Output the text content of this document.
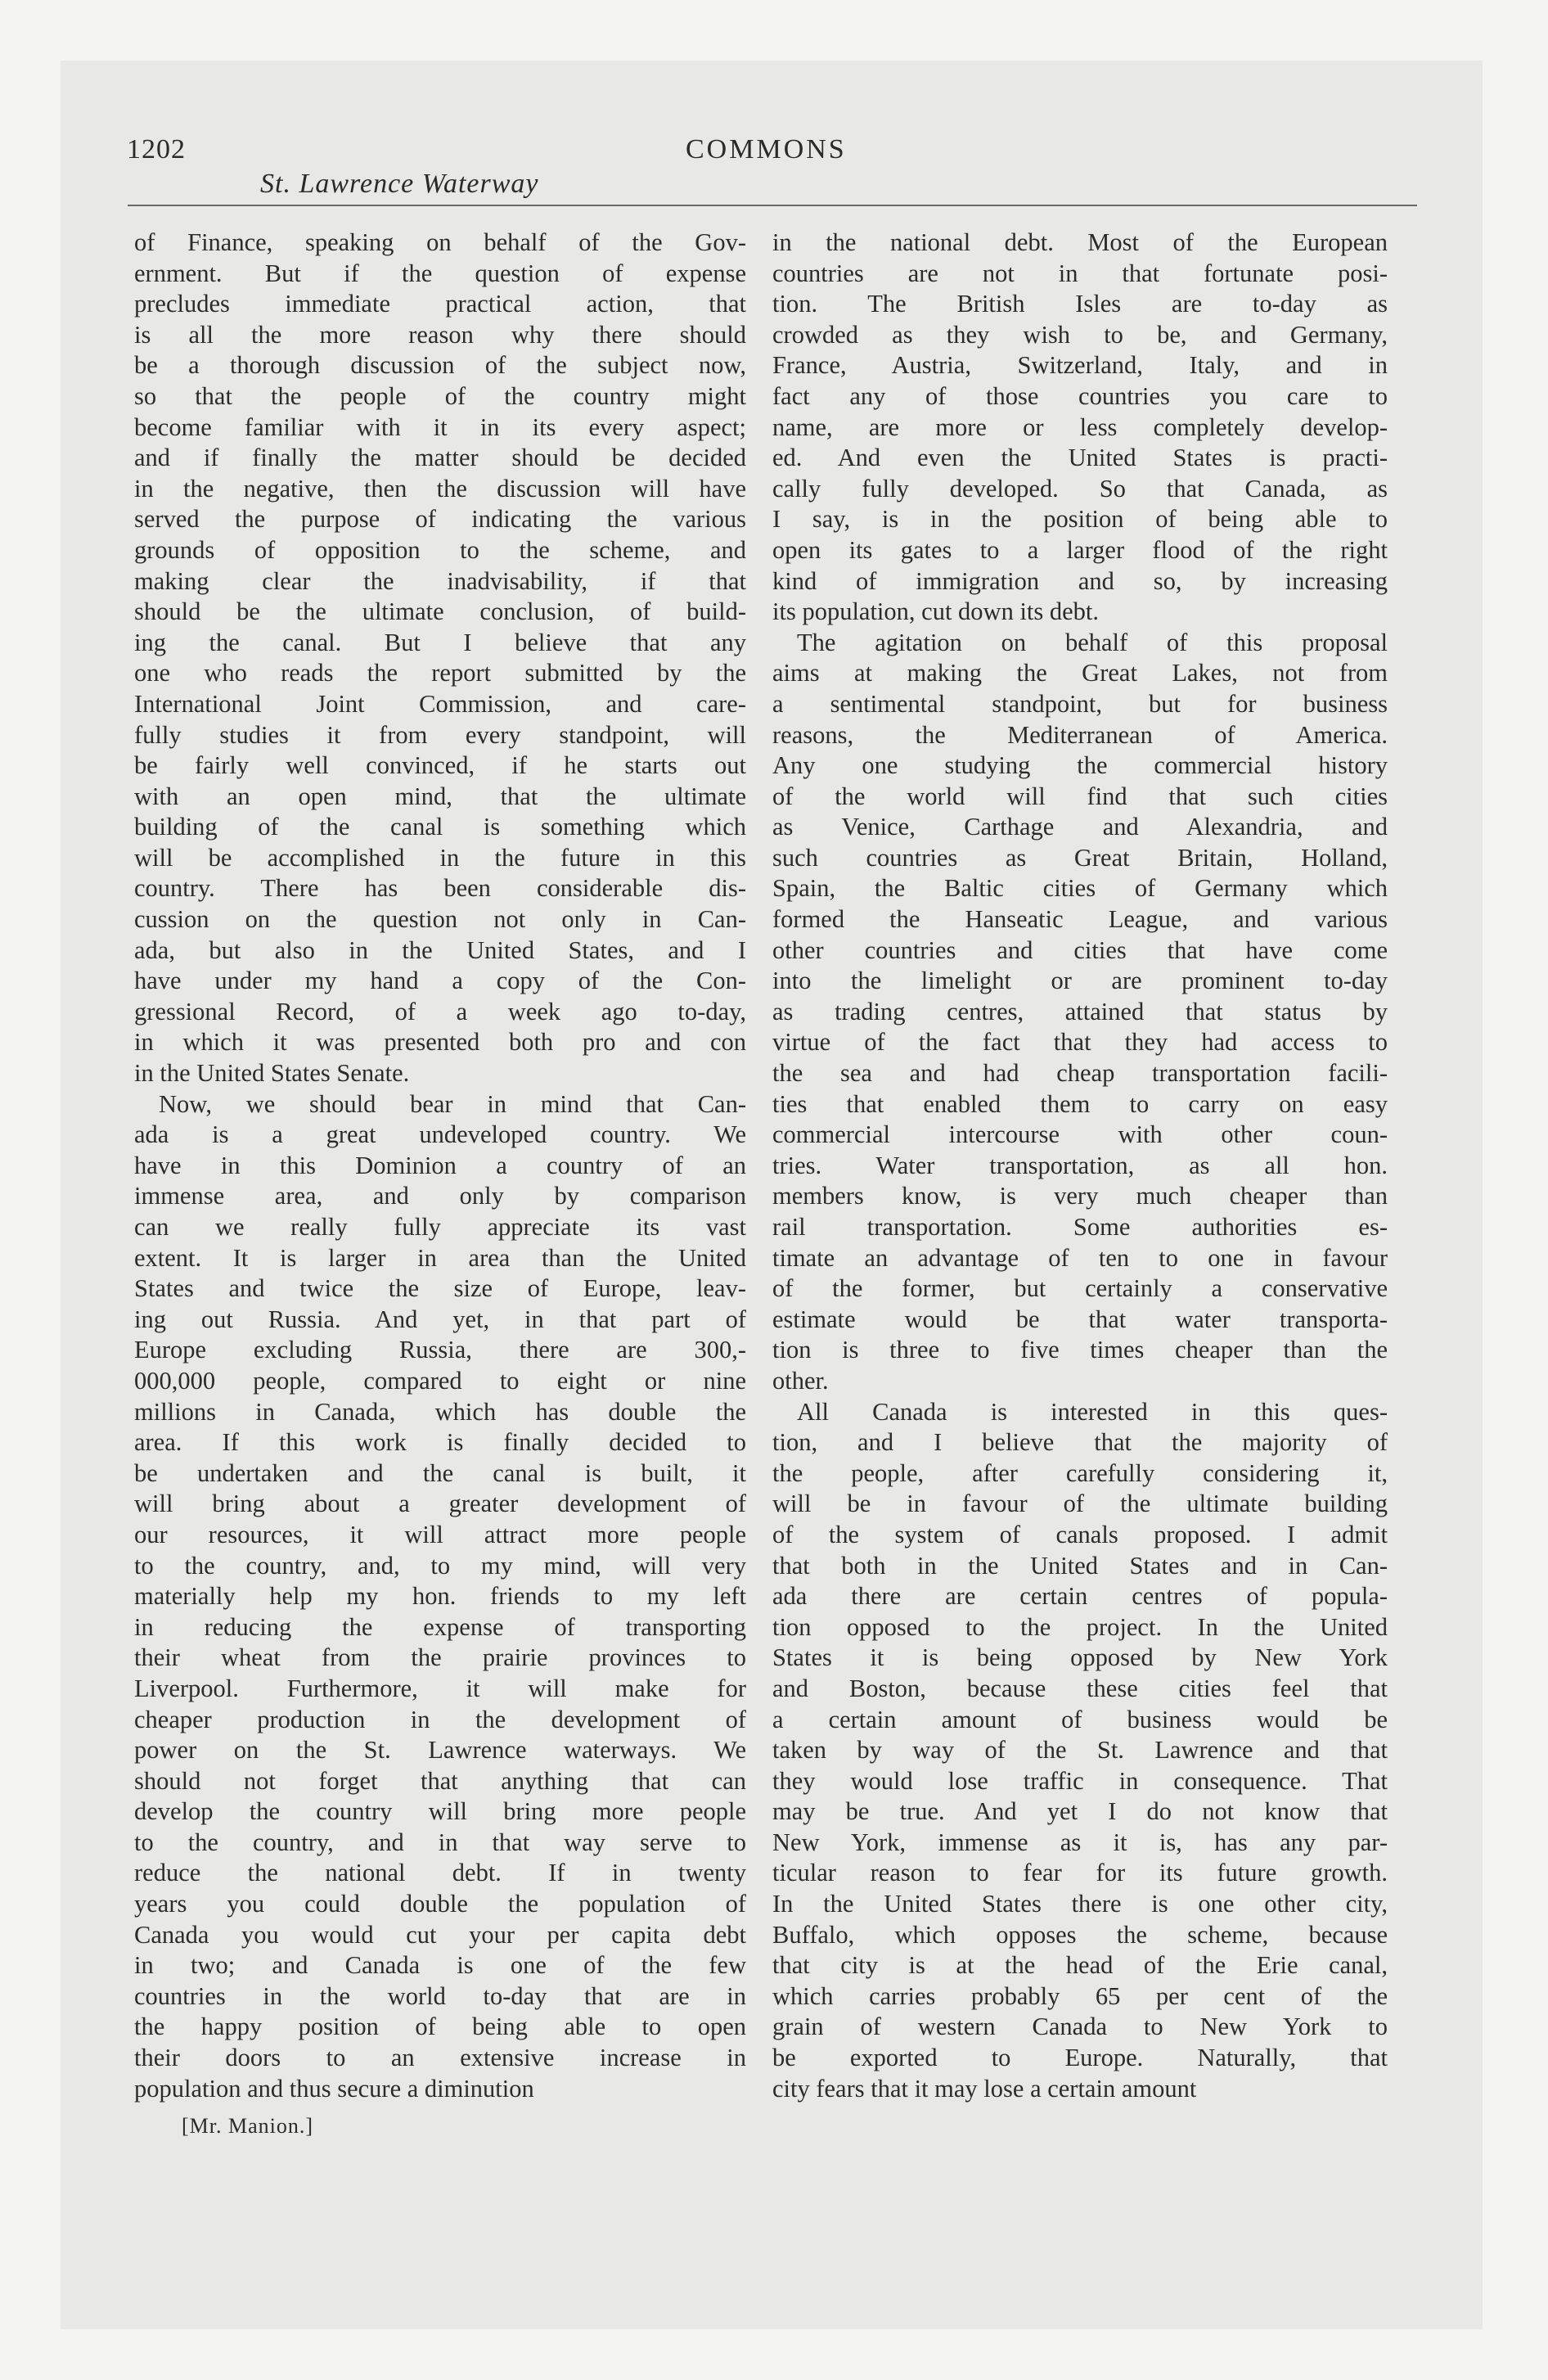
1202
St. Lawrence Waterway
COMMONS
of Finance, speaking on behalf of the Gov-
ernment. But if the question of expense
precludes immediate practical action, that
is all the more reason why there should
be a thorough discussion of the subject now,
so that the people of the country might
become familiar with it in its every aspect;
and if finally the matter should be decided
in the negative, then the discussion will have
served the purpose of indicating the various
grounds of opposition to the scheme, and
making clear the inadvisability, if that
should be the ultimate conclusion, of build-
ing the canal. But I believe that any
one who reads the report submitted by the
International Joint Commission, and care-
fully studies it from every standpoint, will
be fairly well convinced, if he starts out
with an open mind, that the ultimate
building of the canal is something which
will be accomplished in the future in this
country. There has been considerable dis-
cussion on the question not only in Can-
ada, but also in the United States, and I
have under my hand a copy of the Con-
gressional Record, of a week ago to-day,
in which it was presented both pro and con
in the United States Senate.
Now, we should bear in mind that Can-
ada is a great undeveloped country. We
have in this Dominion a country of an
immense area, and only by comparison
can we really fully appreciate its vast
extent. It is larger in area than the United
States and twice the size of Europe, leav-
ing out Russia. And yet, in that part of
Europe excluding Russia, there are 300,-
000,000 people, compared to eight or nine
millions in Canada, which has double the
area. If this work is finally decided to
be undertaken and the canal is built, it
will bring about a greater development of
our resources, it will attract more people
to the country, and, to my mind, will very
materially help my hon. friends to my left
in reducing the expense of transporting
their wheat from the prairie provinces to
Liverpool. Furthermore, it will make for
cheaper production in the development of
power on the St. Lawrence waterways. We
should not forget that anything that can
develop the country will bring more people
to the country, and in that way serve to
reduce the national debt. If in twenty
years you could double the population of
Canada you would cut your per capita debt
in two; and Canada is one of the few
countries in the world to-day that are in
the happy position of being able to open
their doors to an extensive increase in
population and thus secure a diminution
in the national debt. Most of the European
countries are not in that fortunate posi-
tion. The British Isles are to-day as
crowded as they wish to be, and Germany,
France, Austria, Switzerland, Italy, and in
fact any of those countries you care to
name, are more or less completely develop-
ed. And even the United States is practi-
cally fully developed. So that Canada, as
I say, is in the position of being able to
open its gates to a larger flood of the right
kind of immigration and so, by increasing
its population, cut down its debt.
The agitation on behalf of this proposal
aims at making the Great Lakes, not from
a sentimental standpoint, but for business
reasons, the Mediterranean of America.
Any one studying the commercial history
of the world will find that such cities
as Venice, Carthage and Alexandria, and
such countries as Great Britain, Holland,
Spain, the Baltic cities of Germany which
formed the Hanseatic League, and various
other countries and cities that have come
into the limelight or are prominent to-day
as trading centres, attained that status by
virtue of the fact that they had access to
the sea and had cheap transportation facili-
ties that enabled them to carry on easy
commercial intercourse with other coun-
tries. Water transportation, as all hon.
members know, is very much cheaper than
rail transportation. Some authorities es-
timate an advantage of ten to one in favour
of the former, but certainly a conservative
estimate would be that water transporta-
tion is three to five times cheaper than the
other.
All Canada is interested in this ques-
tion, and I believe that the majority of
the people, after carefully considering it,
will be in favour of the ultimate building
of the system of canals proposed. I admit
that both in the United States and in Can-
ada there are certain centres of popula-
tion opposed to the project. In the United
States it is being opposed by New York
and Boston, because these cities feel that
a certain amount of business would be
taken by way of the St. Lawrence and that
they would lose traffic in consequence. That
may be true. And yet I do not know that
New York, immense as it is, has any par-
ticular reason to fear for its future growth.
In the United States there is one other city,
Buffalo, which opposes the scheme, because
that city is at the head of the Erie canal,
which carries probably 65 per cent of the
grain of western Canada to New York to
be exported to Europe. Naturally, that
city fears that it may lose a certain amount
[Mr. Manion.]
